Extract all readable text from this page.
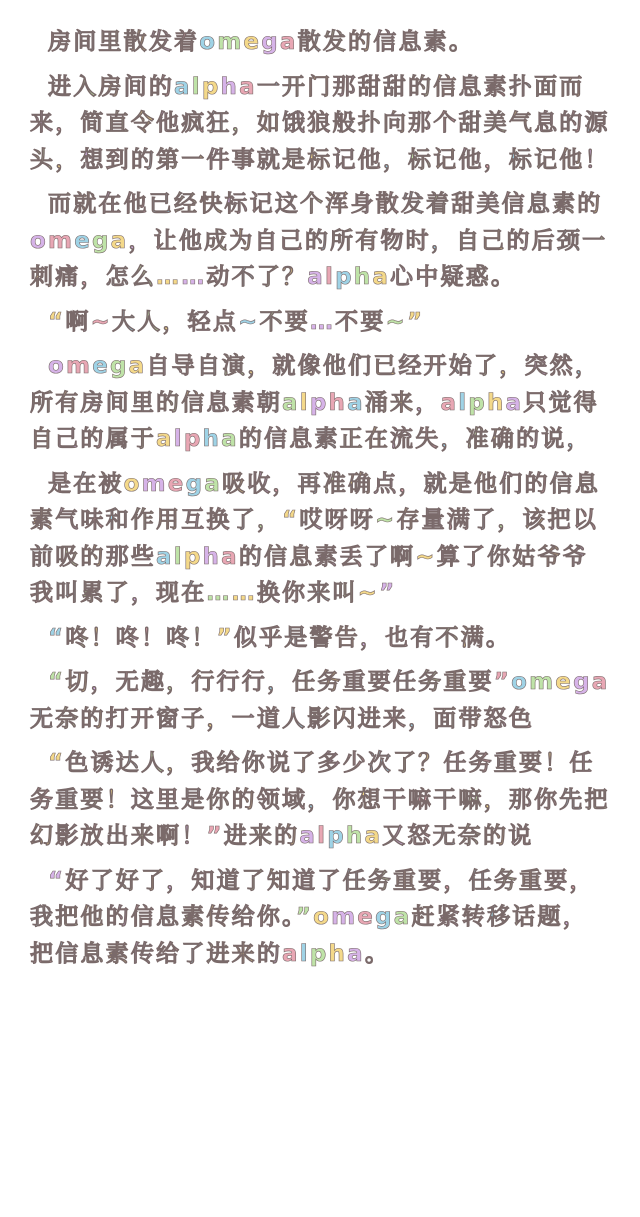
房间里散发着omega散发的信息素。

进入房间的alpha一开门那甜甜的信息素扑面而来，简直令他疯狂，如饿狼般扑向那个甜美气息的源头，想到的第一件事就是标记他，标记他，标记他！

而就在他已经快标记这个浑身散发着甜美信息素的omega，让他成为自己的所有物时，自己的后颈一刺痛，怎么……动不了？alpha心中疑惑。

“啊~大人，轻点~不要…不要~”

omega自导自演，就像他们已经开始了，突然，所有房间里的信息素朝alpha涌来，alpha只觉得自己的属于alpha的信息素正在流失，准确的说，

是在被omega吸收，再准确点，就是他们的信息素气味和作用互换了，“哎呀呀~存量满了，该把以前吸的那些alpha的信息素丢了啊~算了你姑爷爷我叫累了，现在……换你来叫~”

“咚！咚！咚！”似乎是警告，也有不满。

“切，无趣，行行行，任务重要任务重要”omega无奈的打开窗子，一道人影闪进来，面带怒色

“色诱达人，我给你说了多少次了？任务重要！任务重要！这里是你的领域，你想干嘛干嘛，那你先把幻影放出来啊！”进来的alpha又怒无奈的说

“好了好了，知道了知道了任务重要，任务重要，我把他的信息素传给你。”omega赶紧转移话题，把信息素传给了进来的alpha。
